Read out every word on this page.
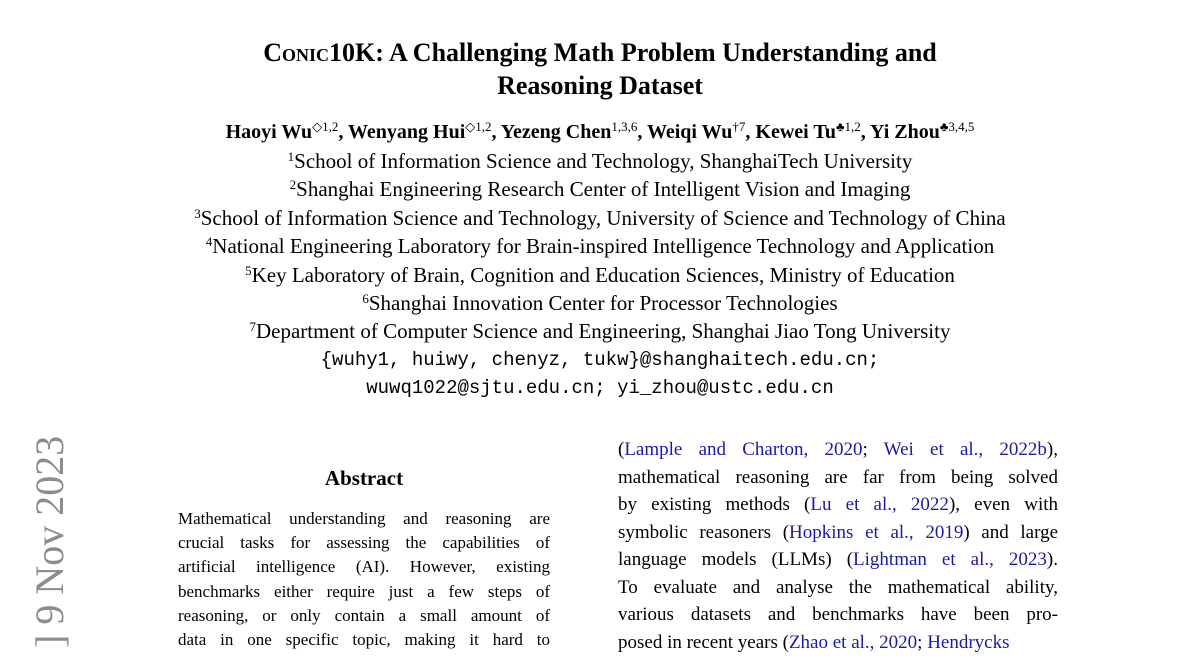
Conic10K: A Challenging Math Problem Understanding and
Reasoning Dataset
Haoyi $Wu^{◇1,2}$, Wenyang Hui$^{◇1,2}$, Yezeng Chen$^{1,3,6}$, Weiqi Wu$^{\dagger 7}$, Kewei $Tu^{♣1,2}$, Yi Zhou$^{♣3,4,5}$
$^1$School of Information Science and Technology, ShanghaiTech University
$^2$Shanghai Engineering Research Center of Intelligent Vision and Imaging
$^3$School of Information Science and Technology, University of Science and Technology of China
$^4$National Engineering Laboratory for Brain-inspired Intelligence Technology and Application
$^5$Key Laboratory of Brain, Cognition and Education Sciences, Ministry of Education
$^6$Shanghai Innovation Center for Processor Technologies
$^7$Department of Computer Science and Engineering, Shanghai Jiao Tong University
{wuhy1, huiwy, chenyz, tukw}@shanghaitech.edu.cn;
wuwq1022@sjtu.edu.cn; yi_zhou@ustc.edu.cn
] 9 Nov 2023	Abstract
Mathematical understanding and reasoning are
crucial tasks for assessing the capabilities of
artificial intelligence (AI). However, existing
benchmarks either require just a few steps of
reasoning, or only contain a small amount of
data in one specific topic, making it hard to
(Lample and Charton, 2020; Wei et al., 2022b),
mathematical reasoning are far from being solved
by existing methods (Lu et al., 2022), even with
symbolic reasoners (Hopkins et al., 2019) and large
language models (LLMs) (Lightman et al., 2023).
To evaluate and analyse the mathematical ability,
various datasets and benchmarks have been pro-
posed in recent years (Zhao et al., 2020; Hendrycks
